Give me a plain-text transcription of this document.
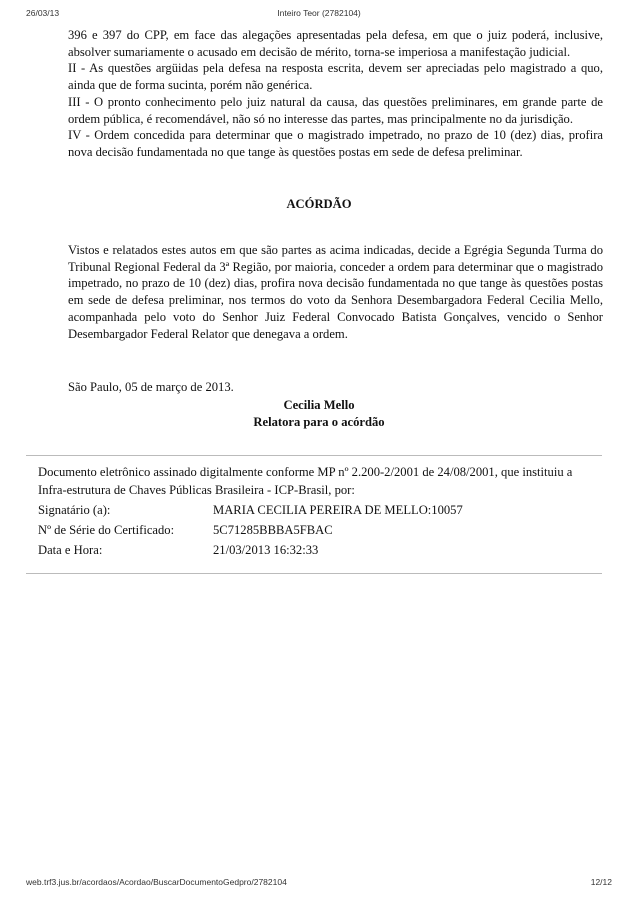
26/03/13	Inteiro Teor (2782104)

396 e 397 do CPP, em face das alegações apresentadas pela defesa, em que o juiz poderá, inclusive, absolver sumariamente o acusado em decisão de mérito, torna-se imperiosa a manifestação judicial.

II - As questões argüidas pela defesa na resposta escrita, devem ser apreciadas pelo magistrado a quo, ainda que de forma sucinta, porém não genérica.

III - O pronto conhecimento pelo juiz natural da causa, das questões preliminares, em grande parte de ordem pública, é recomendável, não só no interesse das partes, mas principalmente no da jurisdição.

IV - Ordem concedida para determinar que o magistrado impetrado, no prazo de 10 (dez) dias, profira nova decisão fundamentada no que tange às questões postas em sede de defesa preliminar.

ACÓRDÃO

Vistos e relatados estes autos em que são partes as acima indicadas, decide a Egrégia Segunda Turma do Tribunal Regional Federal da 3ª Região, por maioria, conceder a ordem para determinar que o magistrado impetrado, no prazo de 10 (dez) dias, profira nova decisão fundamentada no que tange às questões postas em sede de defesa preliminar, nos termos do voto da Senhora Desembargadora Federal Cecilia Mello, acompanhada pelo voto do Senhor Juiz Federal Convocado Batista Gonçalves, vencido o Senhor Desembargador Federal Relator que denegava a ordem.

São Paulo, 05 de março de 2013.
Cecilia Mello
Relatora para o acórdão
Documento eletrônico assinado digitalmente conforme MP nº 2.200-2/2001 de 24/08/2001, que instituiu a Infra-estrutura de Chaves Públicas Brasileira - ICP-Brasil, por:
Signatário (a):	MARIA CECILIA PEREIRA DE MELLO:10057
Nº de Série do Certificado:	5C71285BBBA5FBAC
Data e Hora:	21/03/2013 16:32:33
web.trf3.jus.br/acordaos/Acordao/BuscarDocumentoGedpro/2782104	12/12
